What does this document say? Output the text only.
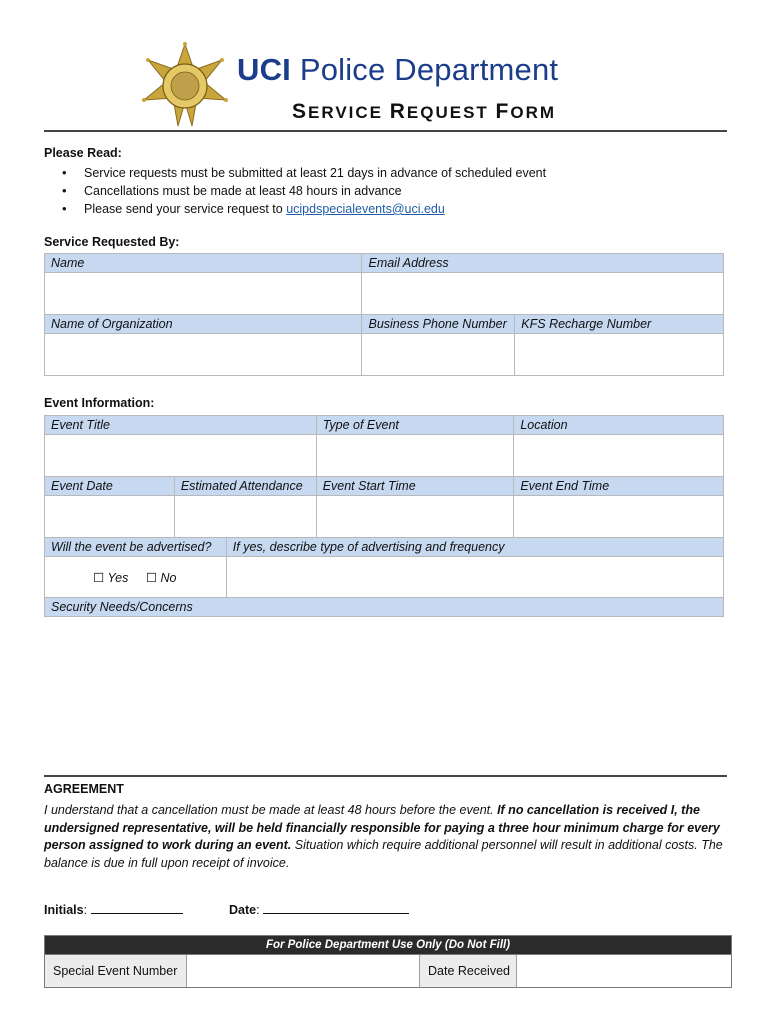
UCI Police Department
SERVICE REQUEST FORM
Please Read:
• Service requests must be submitted at least 21 days in advance of scheduled event
• Cancellations must be made at least 48 hours in advance
• Please send your service request to ucipdspecialevents@uci.edu
Service Requested By:
Name	Email Address	

Name of Organization	Business Phone Number	KFS Recharge Number

Event Information:
Event Title			Type of Event	Location

Event Date	Estimated Attendance		Event Start Time	Event End Time

Will the event be advertised?		If yes, describe type of advertising and frequency		
☐ Yes ☐ No				
Security Needs/Concerns				

AGREEMENT
I understand that a cancellation must be made at least 48 hours before the event. If no cancellation is received I, the undersigned representative, will be held financially responsible for paying a three hour minimum charge for every person assigned to work during an event. Situation which require additional personnel will result in additional costs. The balance is due in full upon receipt of invoice.
Initials:	Date:
For Police Department Use Only (Do Not Fill)
Special Event Number	Date Received
